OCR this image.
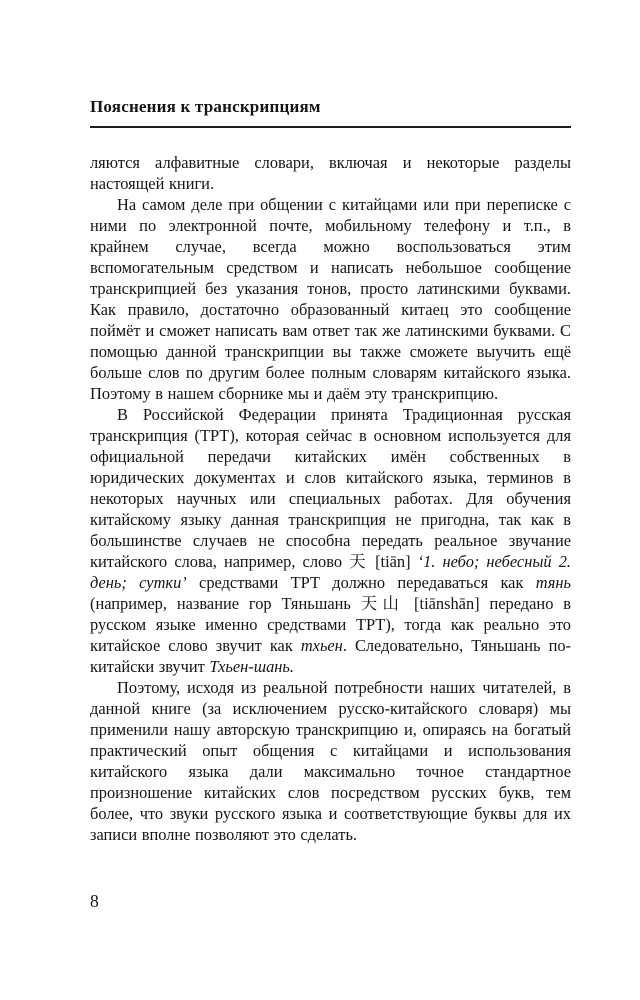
Пояснения к транскрипциям

ляются алфавитные словари, включая и некоторые разделы настоящей книги.

На самом деле при общении с китайцами или при переписке с ними по электронной почте, мобильному телефону и т.п., в крайнем случае, всегда можно воспользоваться этим вспомогательным средством и написать небольшое сообщение транскрипцией без указания тонов, просто латинскими буквами. Как правило, достаточно образованный китаец это сообщение поймёт и сможет написать вам ответ так же латинскими буквами. С помощью данной транскрипции вы также сможете выучить ещё больше слов по другим более полным словарям китайского языка. Поэтому в нашем сборнике мы и даём эту транскрипцию.

В Российской Федерации принята Традиционная русская транскрипция (ТРТ), которая сейчас в основном используется для официальной передачи китайских имён собственных в юридических документах и слов китайского языка, терминов в некоторых научных или специальных работах. Для обучения китайскому языку данная транскрипция не пригодна, так как в большинстве случаев не способна передать реальное звучание китайского слова, например, слово 天 [tiān] ‘1. небо; небесный 2. день; сутки’ средствами ТРТ должно передаваться как тянь (например, название гор Тяньшань 天山 [tiānshān] передано в русском языке именно средствами ТРТ), тогда как реально это китайское слово звучит как тхьен. Следовательно, Тяньшань по-китайски звучит Тхьен-шань.

Поэтому, исходя из реальной потребности наших читателей, в данной книге (за исключением русско-китайского словаря) мы применили нашу авторскую транскрипцию и, опираясь на богатый практический опыт общения с китайцами и использования китайского языка дали максимально точное стандартное произношение китайских слов посредством русских букв, тем более, что звуки русского языка и соответствующие буквы для их записи вполне позволяют это сделать.

8
